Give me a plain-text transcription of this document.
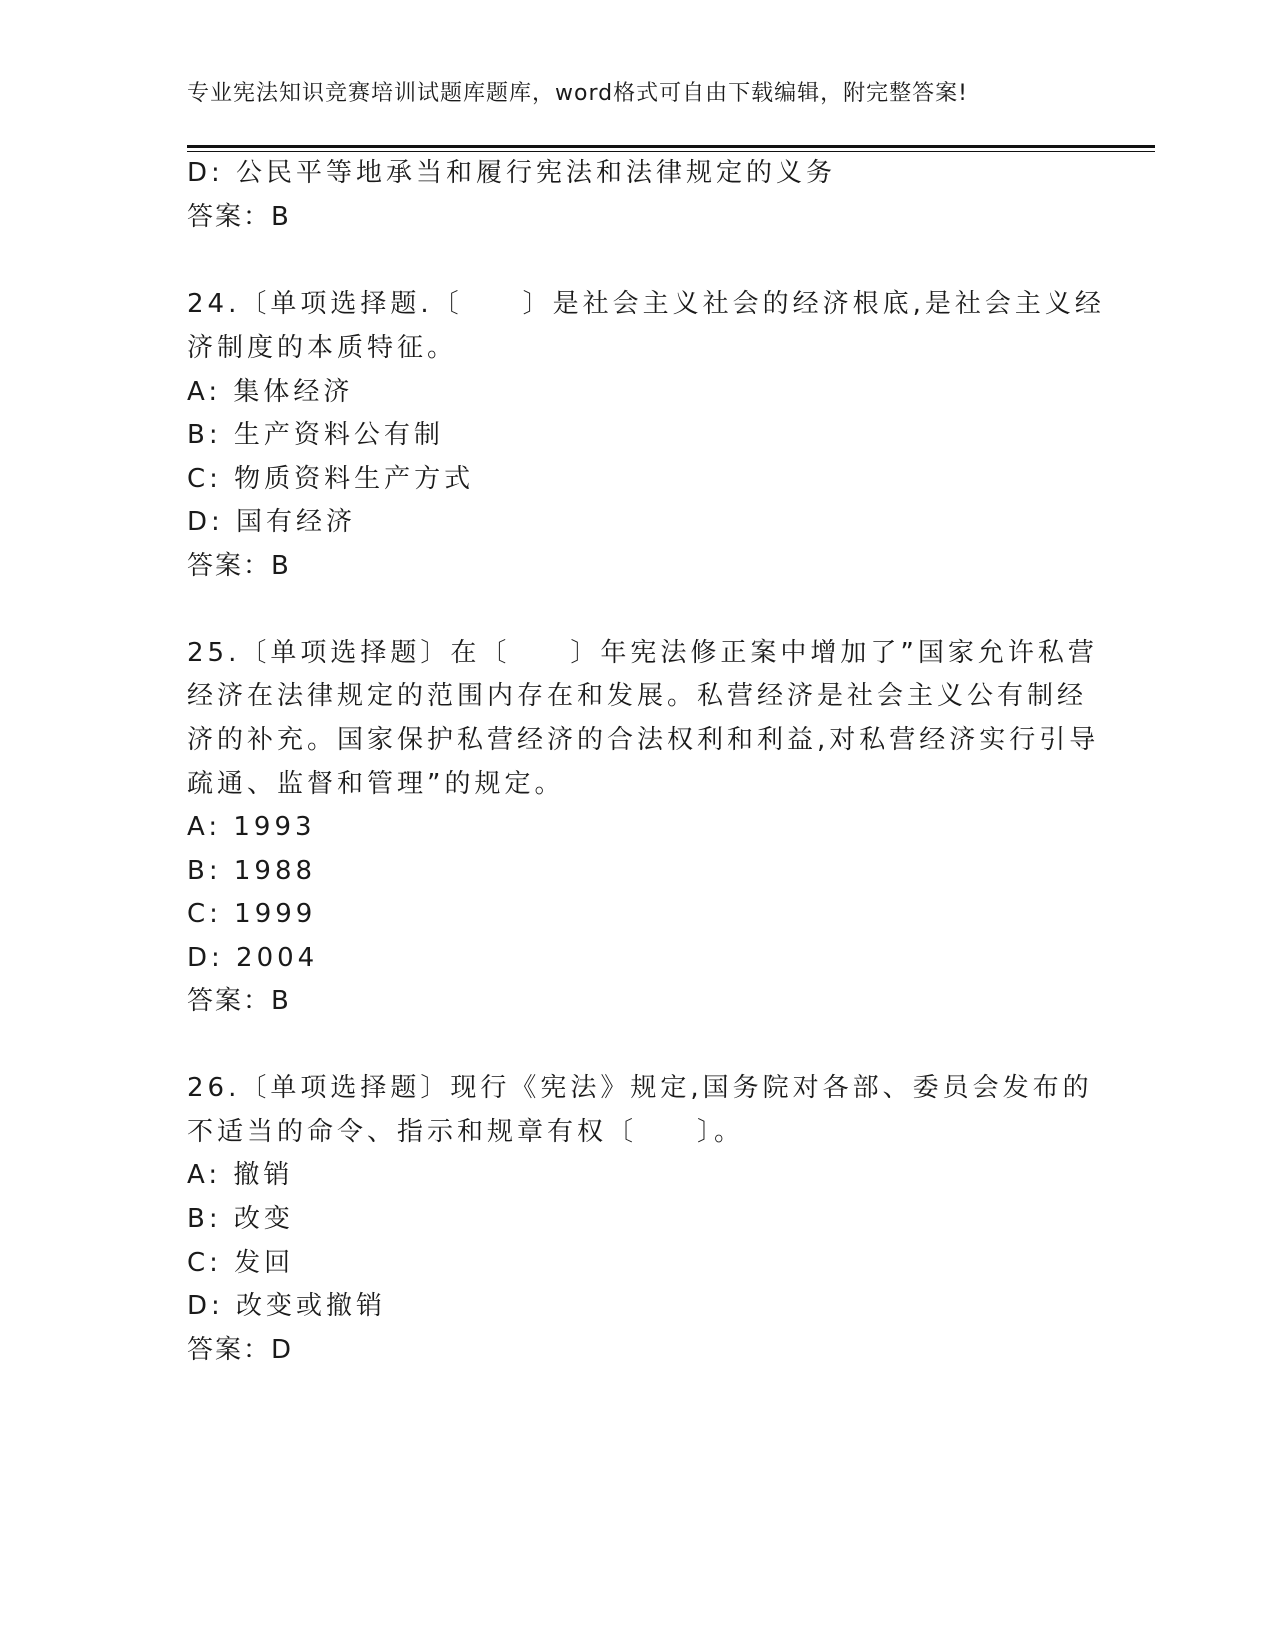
专业宪法知识竞赛培训试题库题库，word格式可自由下载编辑，附完整答案!
D: 公民平等地承当和履行宪法和法律规定的义务
答案：B
24.〔单项选择题.〔　　〕是社会主义社会的经济根底,是社会主义经
济制度的本质特征。
A: 集体经济
B: 生产资料公有制
C: 物质资料生产方式
D: 国有经济
答案：B
25.〔单项选择题〕在〔　　〕年宪法修正案中增加了”国家允许私营
经济在法律规定的范围内存在和发展。私营经济是社会主义公有制经
济的补充。国家保护私营经济的合法权利和利益,对私营经济实行引导
疏通、监督和管理”的规定。
A: 1993
B: 1988
C: 1999
D: 2004
答案：B
26.〔单项选择题〕现行《宪法》规定,国务院对各部、委员会发布的
不适当的命令、指示和规章有权〔　　〕。
A: 撤销
B: 改变
C: 发回
D: 改变或撤销
答案：D
